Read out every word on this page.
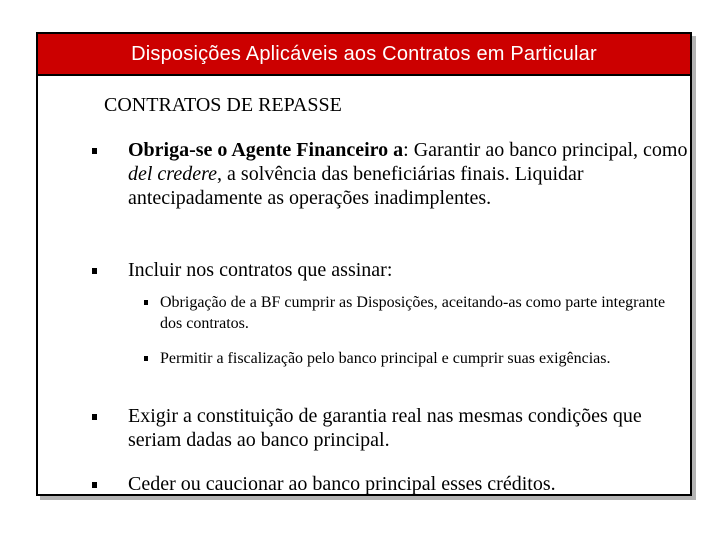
Disposições Aplicáveis aos Contratos em Particular
CONTRATOS DE REPASSE
Obriga-se o Agente Financeiro a: Garantir ao banco principal, como del credere, a solvência das beneficiárias finais. Liquidar antecipadamente as operações inadimplentes.
Incluir nos contratos que assinar:
Obrigação de a BF cumprir as Disposições, aceitando-as como parte integrante dos contratos.
Permitir a fiscalização pelo banco principal e cumprir suas exigências.
Exigir a constituição de garantia real nas mesmas condições que seriam dadas ao banco principal.
Ceder ou caucionar ao banco principal esses créditos.
